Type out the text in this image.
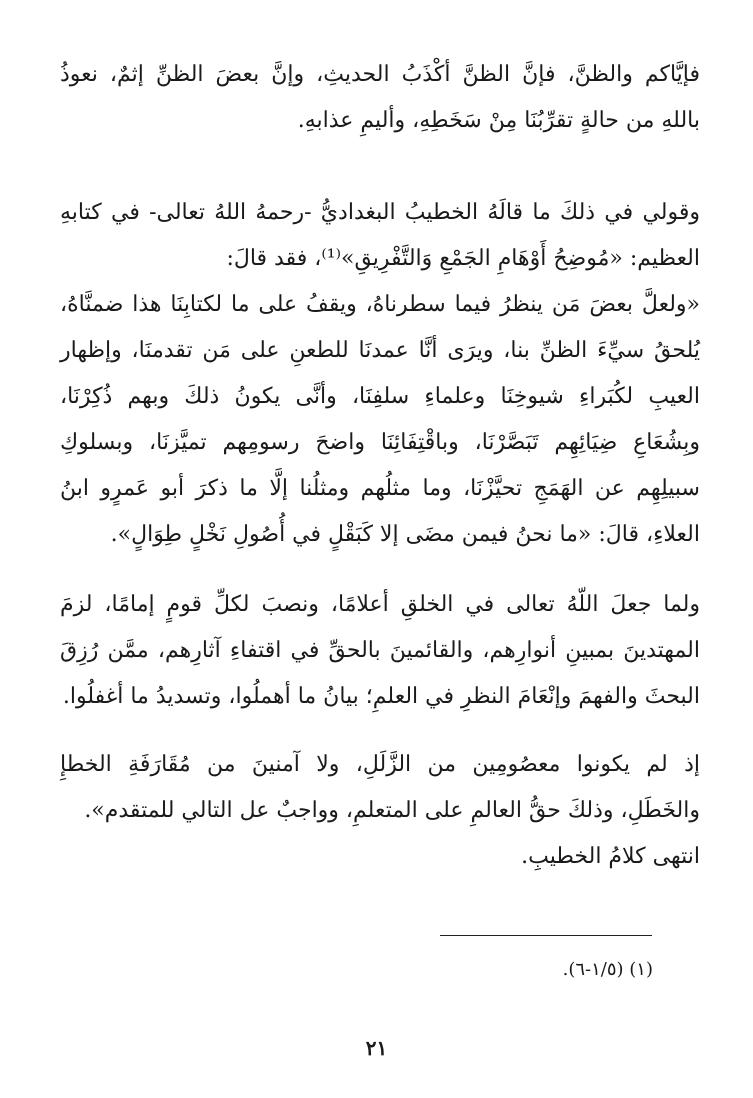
فإيَّاكم والظنَّ، فإنَّ الظنَّ أكْذَبُ الحديثِ، وإنَّ بعضَ الظنِّ إثمٌ، نعوذُ
باللهِ من حالةٍ تقرِّبُنَا مِنْ سَخَطِهِ، وأليمِ عذابهِ.
وقولي في ذلكَ ما قالَهُ الخطيبُ البغداديُّ -رحمهُ اللهُ تعالى- في كتابهِ
العظيم: «مُوضِحُ أَوْهَامِ الجَمْعِ وَالتَّفْرِيقِ»⁽¹⁾، فقد قالَ:
«ولعلَّ بعضَ مَن ينظرُ فيما سطرناهُ، ويقفُ على ما لكتابِنَا هذا ضمنَّاهُ،
يُلحقُ سيِّءَ الظنِّ بنا، ويرَى أنَّا عمدنَا للطعنِ على مَن تقدمنَا، وإظهار
العيبِ لكُبَراءِ شيوخِنَا وعلماءِ سلفِنَا، وأنَّى يكونُ ذلكَ وبهم ذُكِرْنَا،
وبِشُعَاعِ ضِيَائِهِم تَبَصَّرْنَا، وباقْتِفَائِنَا واضحَ رسومِهم تميَّزنَا، وبسلوكِ
سبيلِهِم عن الهَمَجِ تحيَّزْنَا، وما مثلُهم ومثلُنا إلَّا ما ذكرَ أبو عَمرٍو ابنُ
العلاءِ، قالَ: «ما نحنُ فيمن مضَى إلا كَبَقْلٍ في أُصُولِ نَخْلٍ طِوَالٍ».
ولما جعلَ اللّهُ تعالى في الخلقِ أعلامًا، ونصبَ لكلِّ قومٍ إمامًا، لزمَ
المهتدينَ بمبينِ أنوارِهم، والقائمينَ بالحقِّ في اقتفاءِ آثارِهم، ممَّن رُزِقَ
البحثَ والفهمَ وإنْعَامَ النظرِ في العلمِ؛ بيانُ ما أهملُوا، وتسديدُ ما أغفلُوا.
إذ لم يكونوا معصُومِين من الزَّلَلِ، ولا آمنينَ من مُقَارَفَةِ الخطإِ
والخَطَلِ، وذلكَ حقُّ العالمِ على المتعلمِ، وواجبٌ عل التالي للمتقدم».
انتهى كلامُ الخطيبِ.
(١) (١/٥-٦).
٢١
